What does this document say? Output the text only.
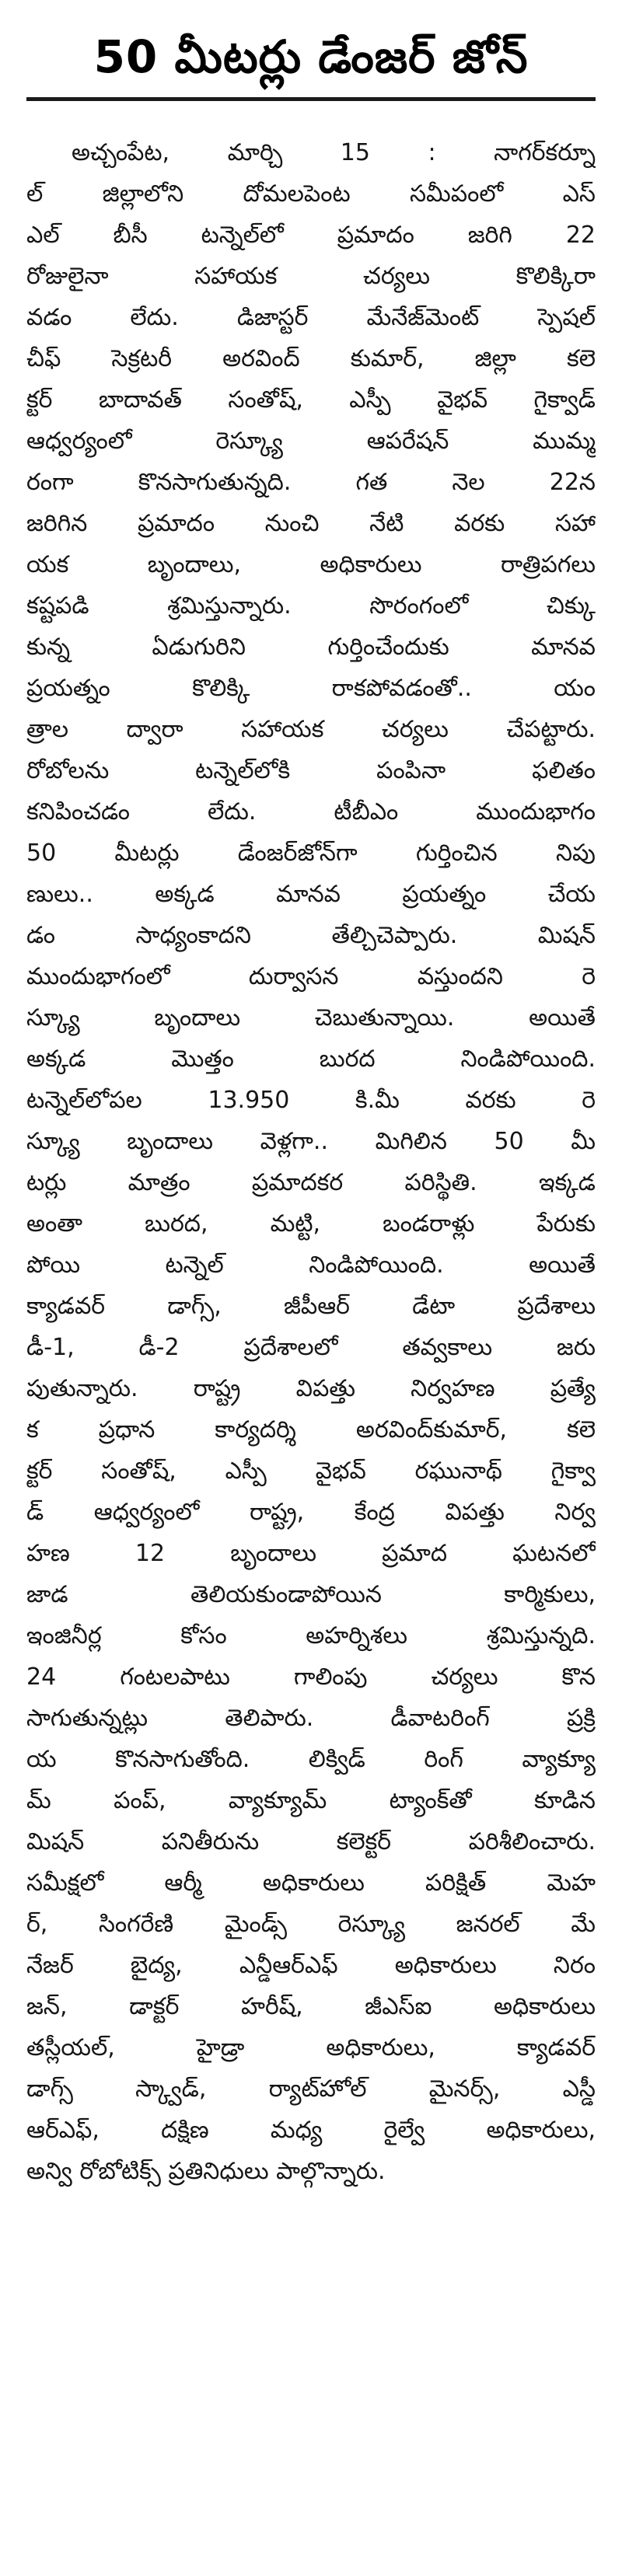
50 మీటర్లు డేంజర్ జోన్
అచ్చంపేట, మార్చి 15 : నాగర్‌కర్నూ
ల్ జిల్లాలోని దోమలపెంట సమీపంలో ఎస్
ఎల్ బీసీ టన్నెల్‌లో ప్రమాదం జరిగి 22
రోజులైనా సహాయక చర్యలు కొలిక్కిరా
వడం లేదు. డిజాస్టర్ మేనేజ్‌మెంట్ స్పెషల్
చీఫ్ సెక్రటరీ అరవింద్ కుమార్, జిల్లా కలె
క్టర్ బాదావత్ సంతోష్, ఎస్పీ వైభవ్ గైక్వాడ్
ఆధ్వర్యంలో రెస్క్యూ ఆపరేషన్ ముమ్మ
రంగా కొనసాగుతున్నది. గత నెల 22న
జరిగిన ప్రమాదం నుంచి నేటి వరకు సహా
యక బృందాలు, అధికారులు రాత్రిపగలు
కష్టపడి శ్రమిస్తున్నారు. సొరంగంలో చిక్కు
కున్న ఏడుగురిని గుర్తించేందుకు మానవ
ప్రయత్నం కొలిక్కి రాకపోవడంతో.. యం
త్రాల ద్వారా సహాయక చర్యలు చేపట్టారు.
రోబోలను టన్నెల్‌లోకి పంపినా ఫలితం
కనిపించడం లేదు. టీబీఎం ముందుభాగం
50 మీటర్లు డేంజర్‌జోన్‌గా గుర్తించిన నిపు
ణులు.. అక్కడ మానవ ప్రయత్నం చేయ
డం సాధ్యంకాదని తేల్చిచెప్పారు. మిషన్
ముందుభాగంలో దుర్వాసన వస్తుందని రె
స్క్యూ బృందాలు చెబుతున్నాయి. అయితే
అక్కడ మొత్తం బురద నిండిపోయింది.
టన్నెల్‌లోపల 13.950 కి.మీ వరకు రె
స్క్యూ బృందాలు వెళ్లగా.. మిగిలిన 50 మీ
టర్లు మాత్రం ప్రమాదకర పరిస్థితి. ఇక్కడ
అంతా బురద, మట్టి, బండరాళ్లు పేరుకు
పోయి టన్నెల్ నిండిపోయింది. అయితే
క్యాడవర్ డాగ్స్, జీపీఆర్ డేటా ప్రదేశాలు
డీ-1, డీ-2 ప్రదేశాలలో తవ్వకాలు జరు
పుతున్నారు. రాష్ట్ర విపత్తు నిర్వహణ ప్రత్యే
క ప్రధాన కార్యదర్శి అరవింద్‌కుమార్, కలె
క్టర్ సంతోష్, ఎస్పీ వైభవ్ రఘునాథ్ గైక్వా
డ్ ఆధ్వర్యంలో రాష్ట్ర, కేంద్ర విపత్తు నిర్వ
హణ 12 బృందాలు ప్రమాద ఘటనలో
జాడ తెలియకుండాపోయిన కార్మికులు,
ఇంజినీర్ల కోసం అహర్నిశలు శ్రమిస్తున్నది.
24 గంటలపాటు గాలింపు చర్యలు కొన
సాగుతున్నట్లు తెలిపారు. డీవాటరింగ్ ప్రక్రి
య కొనసాగుతోంది. లిక్విడ్ రింగ్ వ్యాక్యూ
మ్ పంప్, వ్యాక్యూమ్ ట్యాంక్‌తో కూడిన
మిషన్ పనితీరును కలెక్టర్ పరిశీలించారు.
సమీక్షలో ఆర్మీ అధికారులు పరిక్షిత్ మెహ
ర్, సింగరేణి మైండ్స్ రెస్క్యూ జనరల్ మే
నేజర్ బైద్య, ఎన్డీఆర్ఎఫ్ అధికారులు నిరం
జన్, డాక్టర్ హరీష్, జీఎస్ఐ అధికారులు
తస్లీయల్, హైడ్రా అధికారులు, క్యాడవర్
డాగ్స్ స్క్వాడ్, ర్యాట్‌హోల్ మైనర్స్, ఎస్డీ
ఆర్ఎఫ్, దక్షిణ మధ్య రైల్వే అధికారులు,
అన్వి రోబోటిక్స్ ప్రతినిధులు పాల్గొన్నారు.
